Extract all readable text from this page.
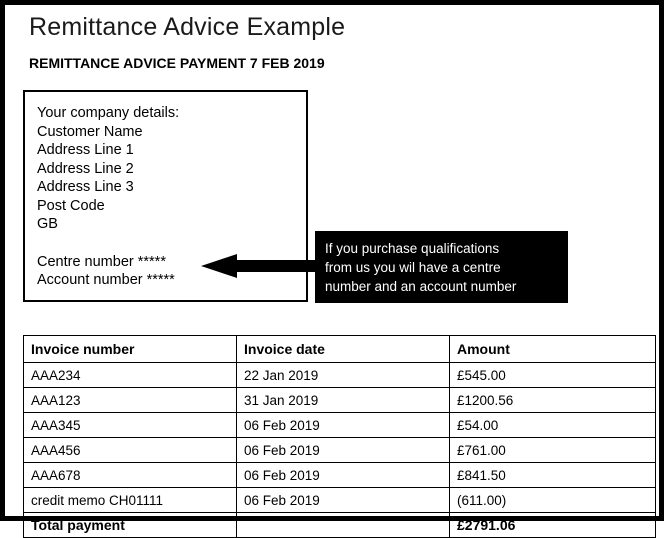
Remittance Advice Example
REMITTANCE ADVICE PAYMENT 7 FEB 2019
Your company details:
Customer Name
Address Line 1
Address Line 2
Address Line 3
Post Code
GB
Centre number *****
Account number *****
If you purchase qualifications
from us you wil have a centre
number and an account number
Invoice number	Invoice date	Amount
AAA234	22 Jan 2019	£545.00
AAA123	31 Jan 2019	£1200.56
AAA345	06 Feb 2019	£54.00
AAA456	06 Feb 2019	£761.00
AAA678	06 Feb 2019	£841.50
credit memo CH01111	06 Feb 2019	(611.00)
Total payment		£2791.06
